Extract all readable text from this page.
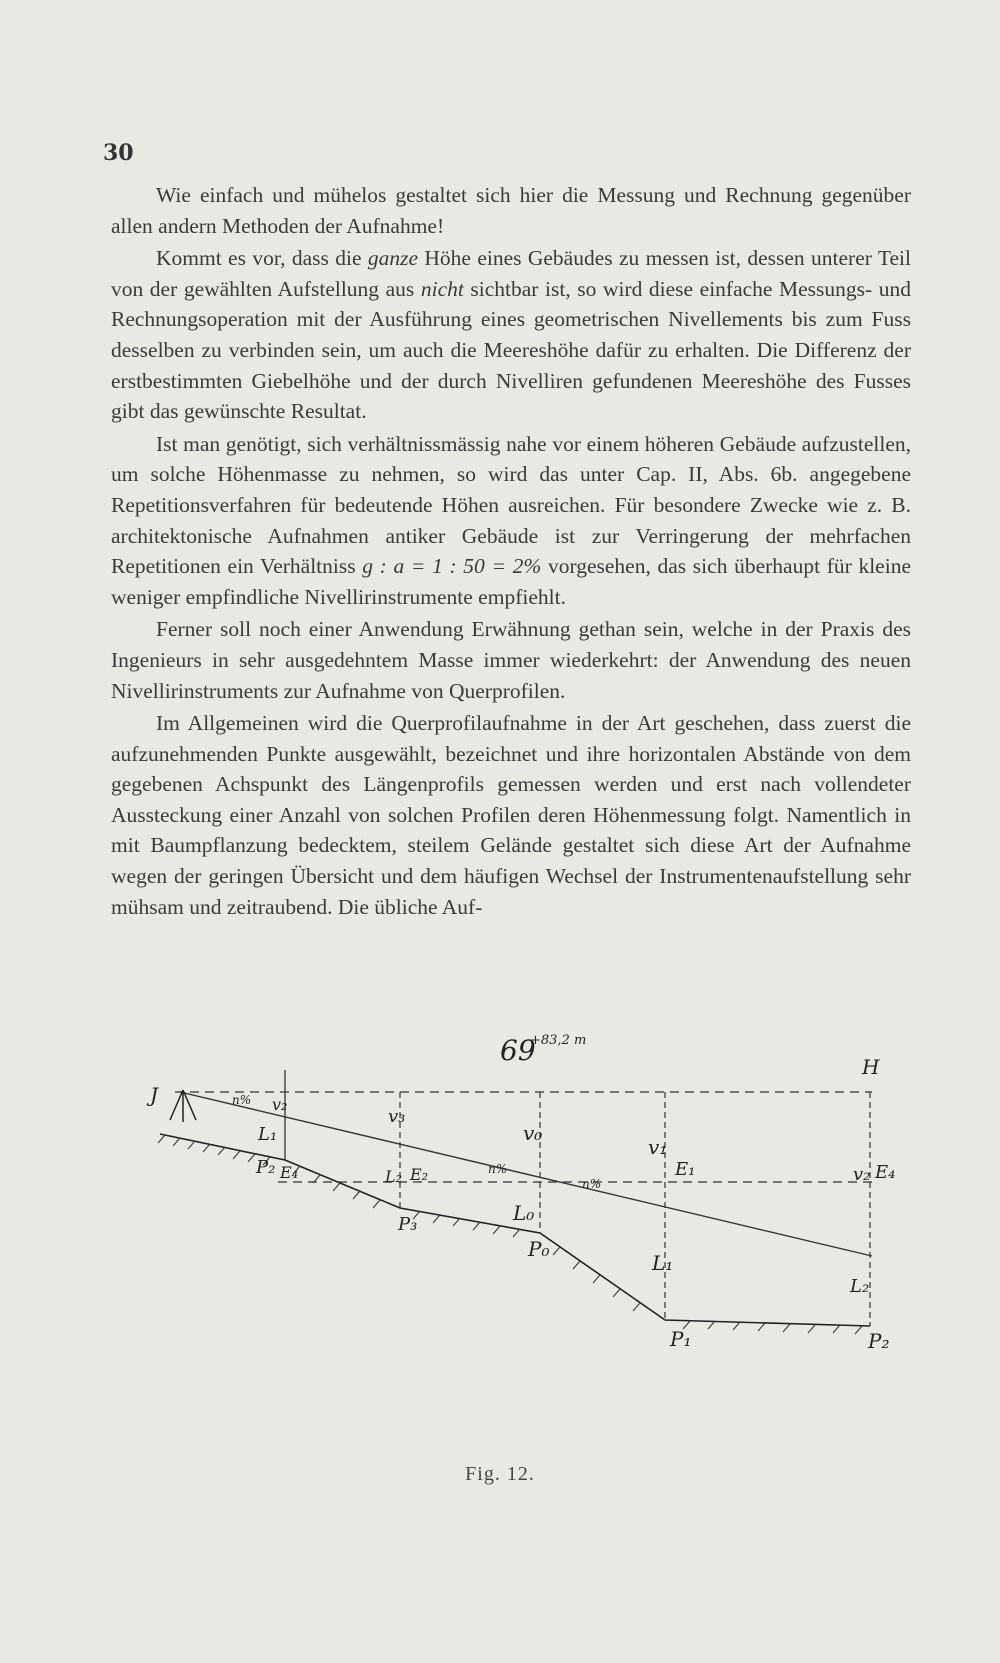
30

Wie einfach und mühelos gestaltet sich hier die Messung und Rechnung gegenüber allen andern Methoden der Aufnahme!

Kommt es vor, dass die ganze Höhe eines Gebäudes zu messen ist, dessen unterer Teil von der gewählten Aufstellung aus nicht sichtbar ist, so wird diese einfache Messungs- und Rechnungsoperation mit der Ausführung eines geometrischen Nivellements bis zum Fuss desselben zu verbinden sein, um auch die Meereshöhe dafür zu erhalten. Die Differenz der erstbestimmten Giebelhöhe und der durch Nivelliren gefundenen Meereshöhe des Fusses gibt das gewünschte Resultat.

Ist man genötigt, sich verhältnissmässig nahe vor einem höheren Gebäude aufzustellen, um solche Höhenmasse zu nehmen, so wird das unter Cap. II, Abs. 6b. angegebene Repetitionsverfahren für bedeutende Höhen ausreichen. Für besondere Zwecke wie z. B. architektonische Aufnahmen antiker Gebäude ist zur Verringerung der mehrfachen Repetitionen ein Verhältniss g : a = 1 : 50 = 2% vorgesehen, das sich überhaupt für kleine weniger empfindliche Nivellirinstrumente empfiehlt.

Ferner soll noch einer Anwendung Erwähnung gethan sein, welche in der Praxis des Ingenieurs in sehr ausgedehntem Masse immer wiederkehrt: der Anwendung des neuen Nivellirinstruments zur Aufnahme von Querprofilen.

Im Allgemeinen wird die Querprofilaufnahme in der Art geschehen, dass zuerst die aufzunehmenden Punkte ausgewählt, bezeichnet und ihre horizontalen Abstände von dem gegebenen Achspunkt des Längenprofils gemessen werden und erst nach vollendeter Aussteckung einer Anzahl von solchen Profilen deren Höhenmessung folgt. Namentlich in mit Baumpflanzung bedecktem, steilem Gelände gestaltet sich diese Art der Aufnahme wegen der geringen Übersicht und dem häufigen Wechsel der Instrumentenaufstellung sehr mühsam und zeitraubend. Die übliche Auf-

69
+83,2 m
J
H
n%
n%
n%
v₂
v₃
v₀
v₁
v₂
L₁
L₂
L₀
L₁
L₂
E₄	E₂	E₁	E₄
P₂
P₃
P₀
P₁	P₂
Fig. 12.
